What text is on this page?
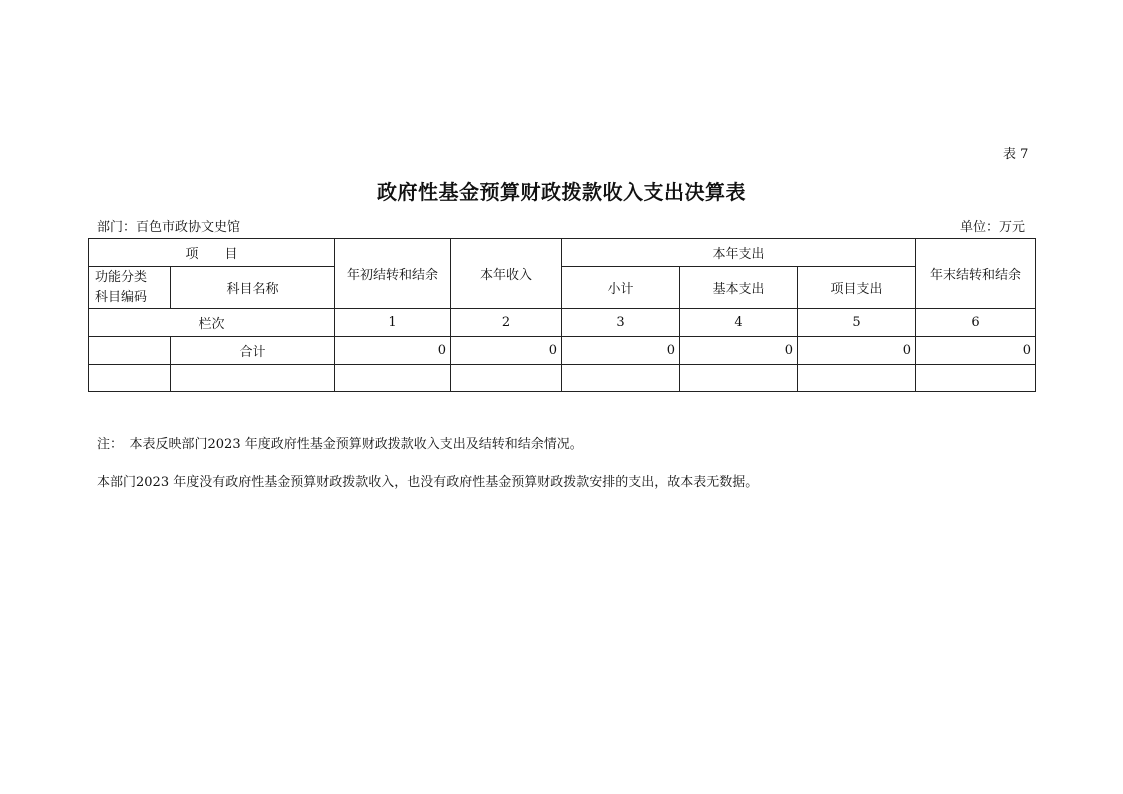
表 7
政府性基金预算财政拨款收入支出决算表
部门：百色市政协文史馆	单位：万元
项　　目		年初结转和结余	本年收入	本年支出			年末结转和结余

功能分类
科目编码	科目名称			小计	基本支出	项目支出	
栏次		1	2	3	4	5	6
	合计	0	0	0	0	0	0

注：　本表反映部门2023 年度政府性基金预算财政拨款收入支出及结转和结余情况。
本部门2023 年度没有政府性基金预算财政拨款收入，也没有政府性基金预算财政拨款安排的支出，故本表无数据。
